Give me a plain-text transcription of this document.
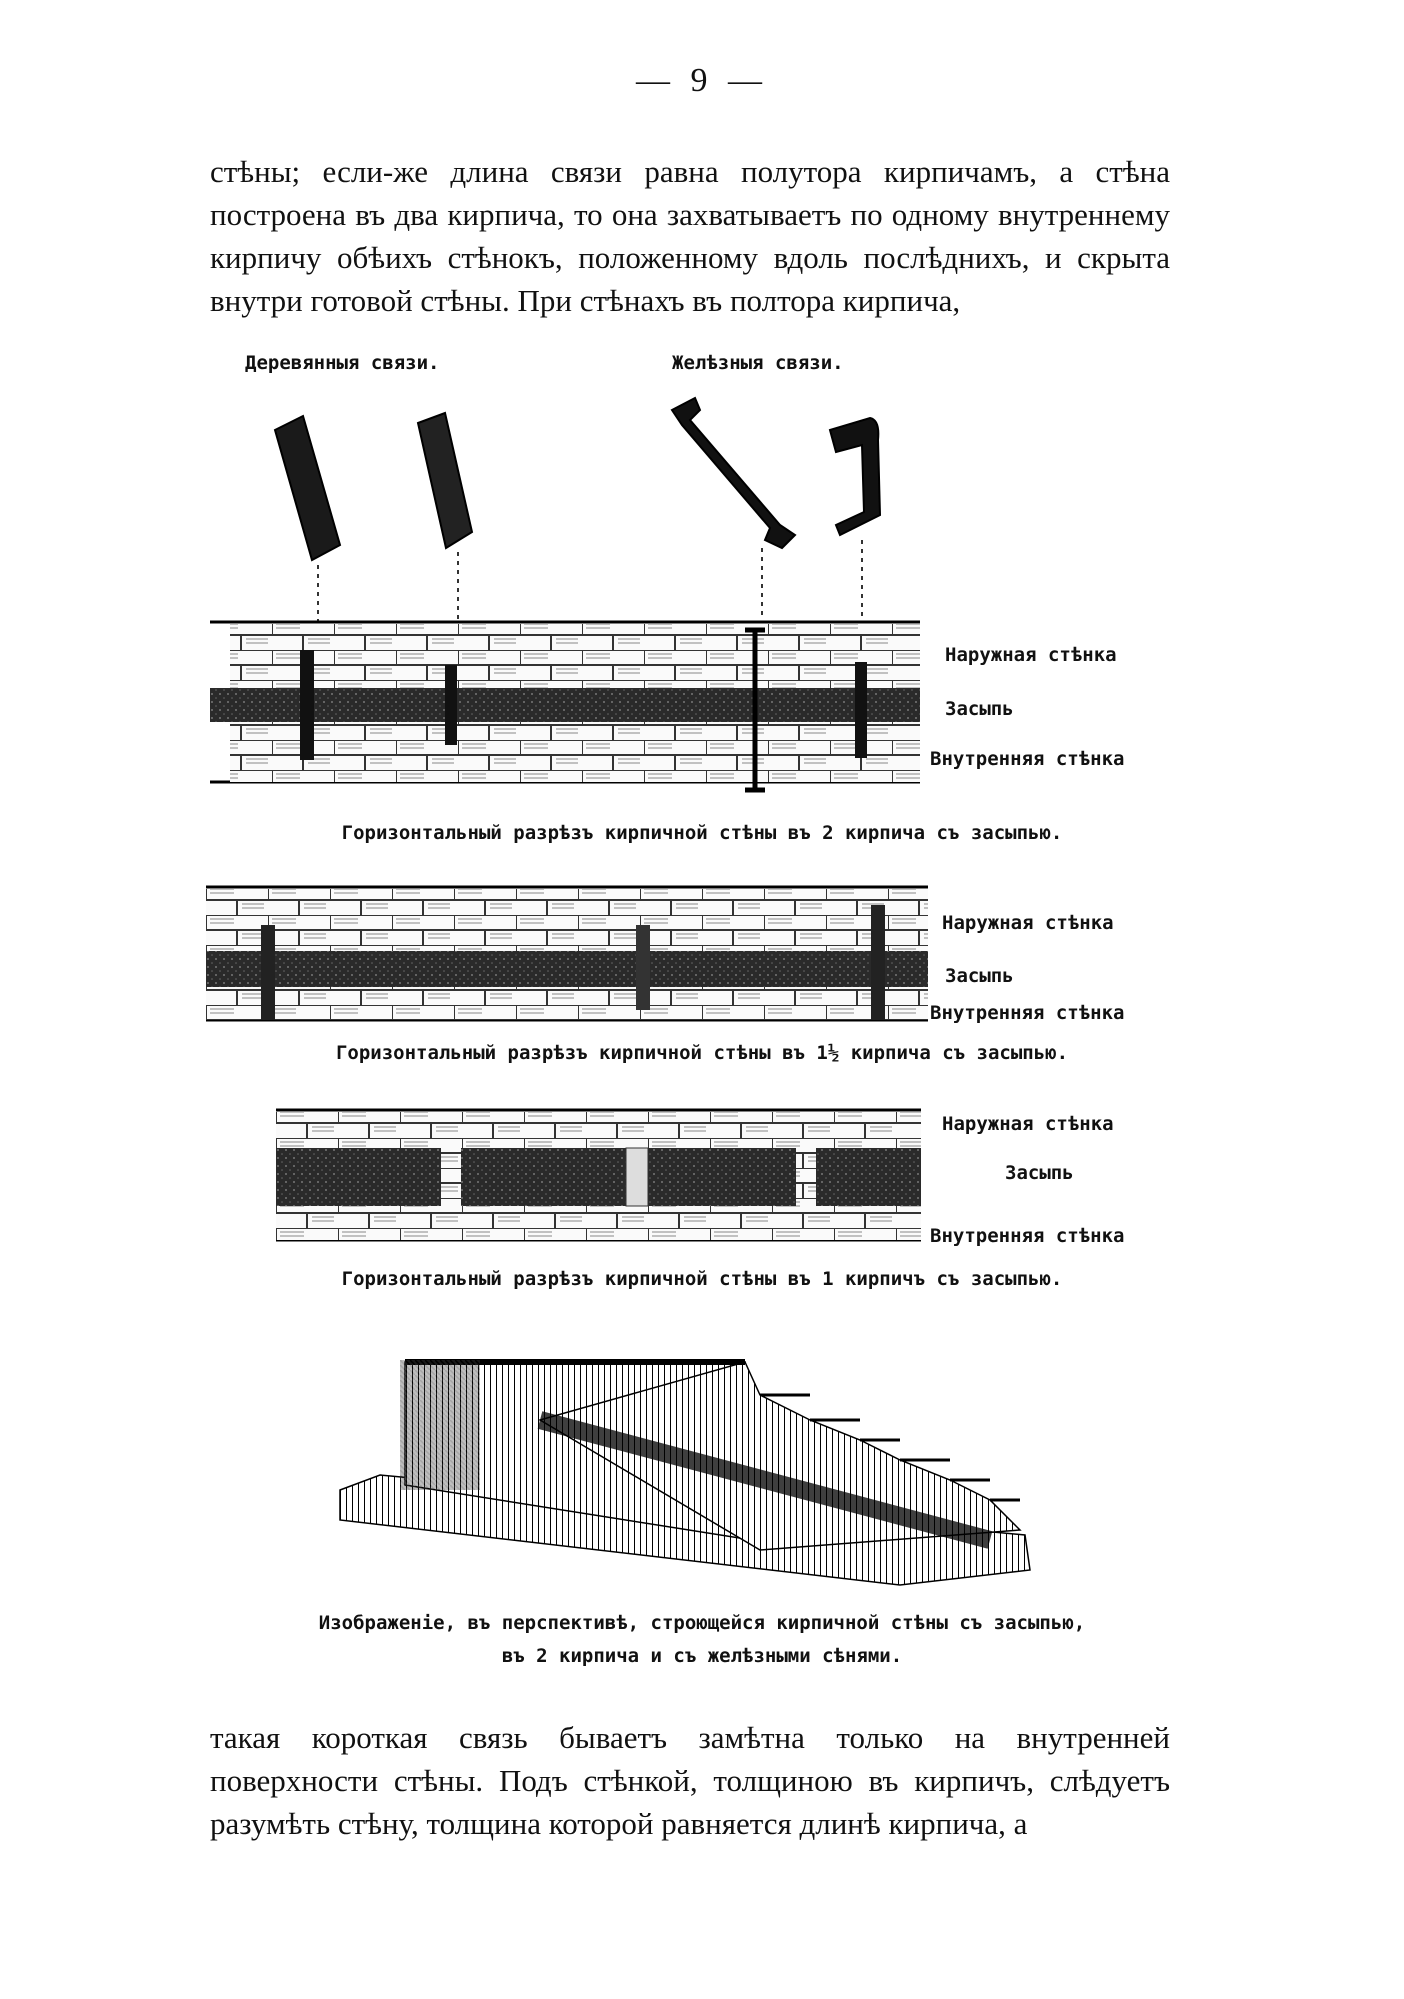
— 9 —

стѣны; если-же длина связи равна полутора кирпичамъ, а стѣна построена въ два кирпича, то она захватываетъ по одному внутреннему кирпичу обѣихъ стѣнокъ, положенному вдоль послѣднихъ, и скрыта внутри готовой стѣны. При стѣнахъ въ полтора кирпича,

Деревянныя связи.	Желѣзныя связи.
Наружная стѣнка
Засыпь
Внутренняя стѣнка
Горизонтальный разрѣзъ кирпичной стѣны въ 2 кирпича съ засыпью.
Наружная стѣнка
Засыпь
Внутренняя стѣнка
Горизонтальный разрѣзъ кирпичной стѣны въ 1½ кирпича съ засыпью.
Наружная стѣнка
Засыпь
Внутренняя стѣнка
Горизонтальный разрѣзъ кирпичной стѣны въ 1 кирпичъ съ засыпью.
Изображеніе, въ перспективѣ, строющейся кирпичной стѣны съ засыпью,
въ 2 кирпича и съ желѣзными сѣнями.

такая короткая связь бываетъ замѣтна только на внутренней поверхности стѣны. Подъ стѣнкой, толщиною въ кирпичъ, слѣдуетъ разумѣть стѣну, толщина которой равняется длинѣ кирпича, а
